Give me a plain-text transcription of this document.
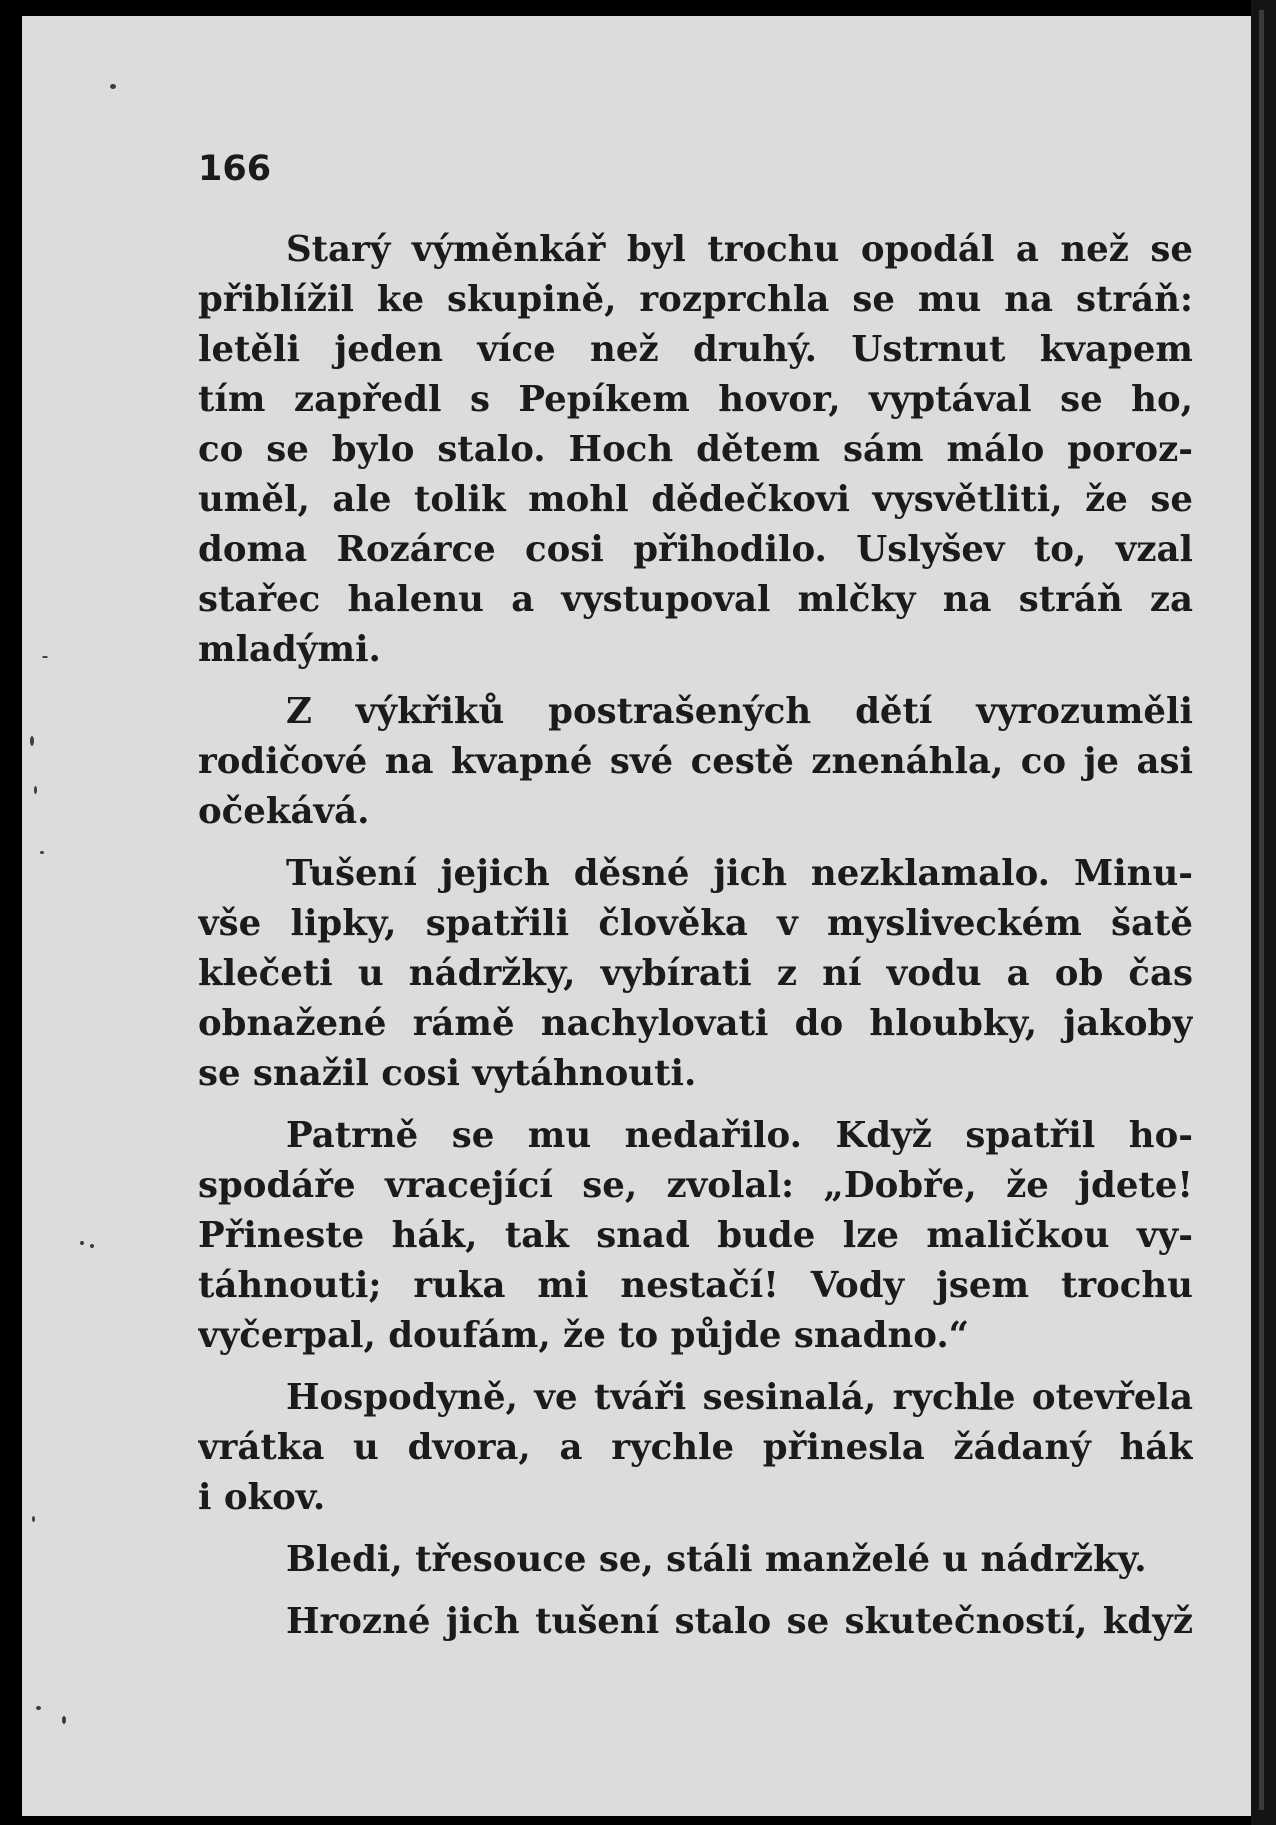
166
Starý výměnkář byl trochu opodál a než se
přiblížil ke skupině, rozprchla se mu na stráň:
letěli jeden více než druhý. Ustrnut kvapem
tím zapředl s Pepíkem hovor, vyptával se ho,
co se bylo stalo. Hoch dětem sám málo poroz-
uměl, ale tolik mohl dědečkovi vysvětliti, že se
doma Rozárce cosi přihodilo. Uslyšev to, vzal
stařec halenu a vystupoval mlčky na stráň za
mladými.
Z výkřiků postrašených dětí vyrozuměli
rodičové na kvapné své cestě znenáhla, co je asi
očekává.
Tušení jejich děsné jich nezklamalo. Minu-
vše lipky, spatřili člověka v mysliveckém šatě
klečeti u nádržky, vybírati z ní vodu a ob čas
obnažené rámě nachylovati do hloubky, jakoby
se snažil cosi vytáhnouti.
Patrně se mu nedařilo. Když spatřil ho-
spodáře vracející se, zvolal: „Dobře, že jdete!
Přineste hák, tak snad bude lze maličkou vy-
táhnouti; ruka mi nestačí! Vody jsem trochu
vyčerpal, doufám, že to půjde snadno.“
Hospodyně, ve tváři sesinalá, rychle otevřela
vrátka u dvora, a rychle přinesla žádaný hák
i okov.
Bledi, třesouce se, stáli manželé u nádržky.
Hrozné jich tušení stalo se skutečností, když
